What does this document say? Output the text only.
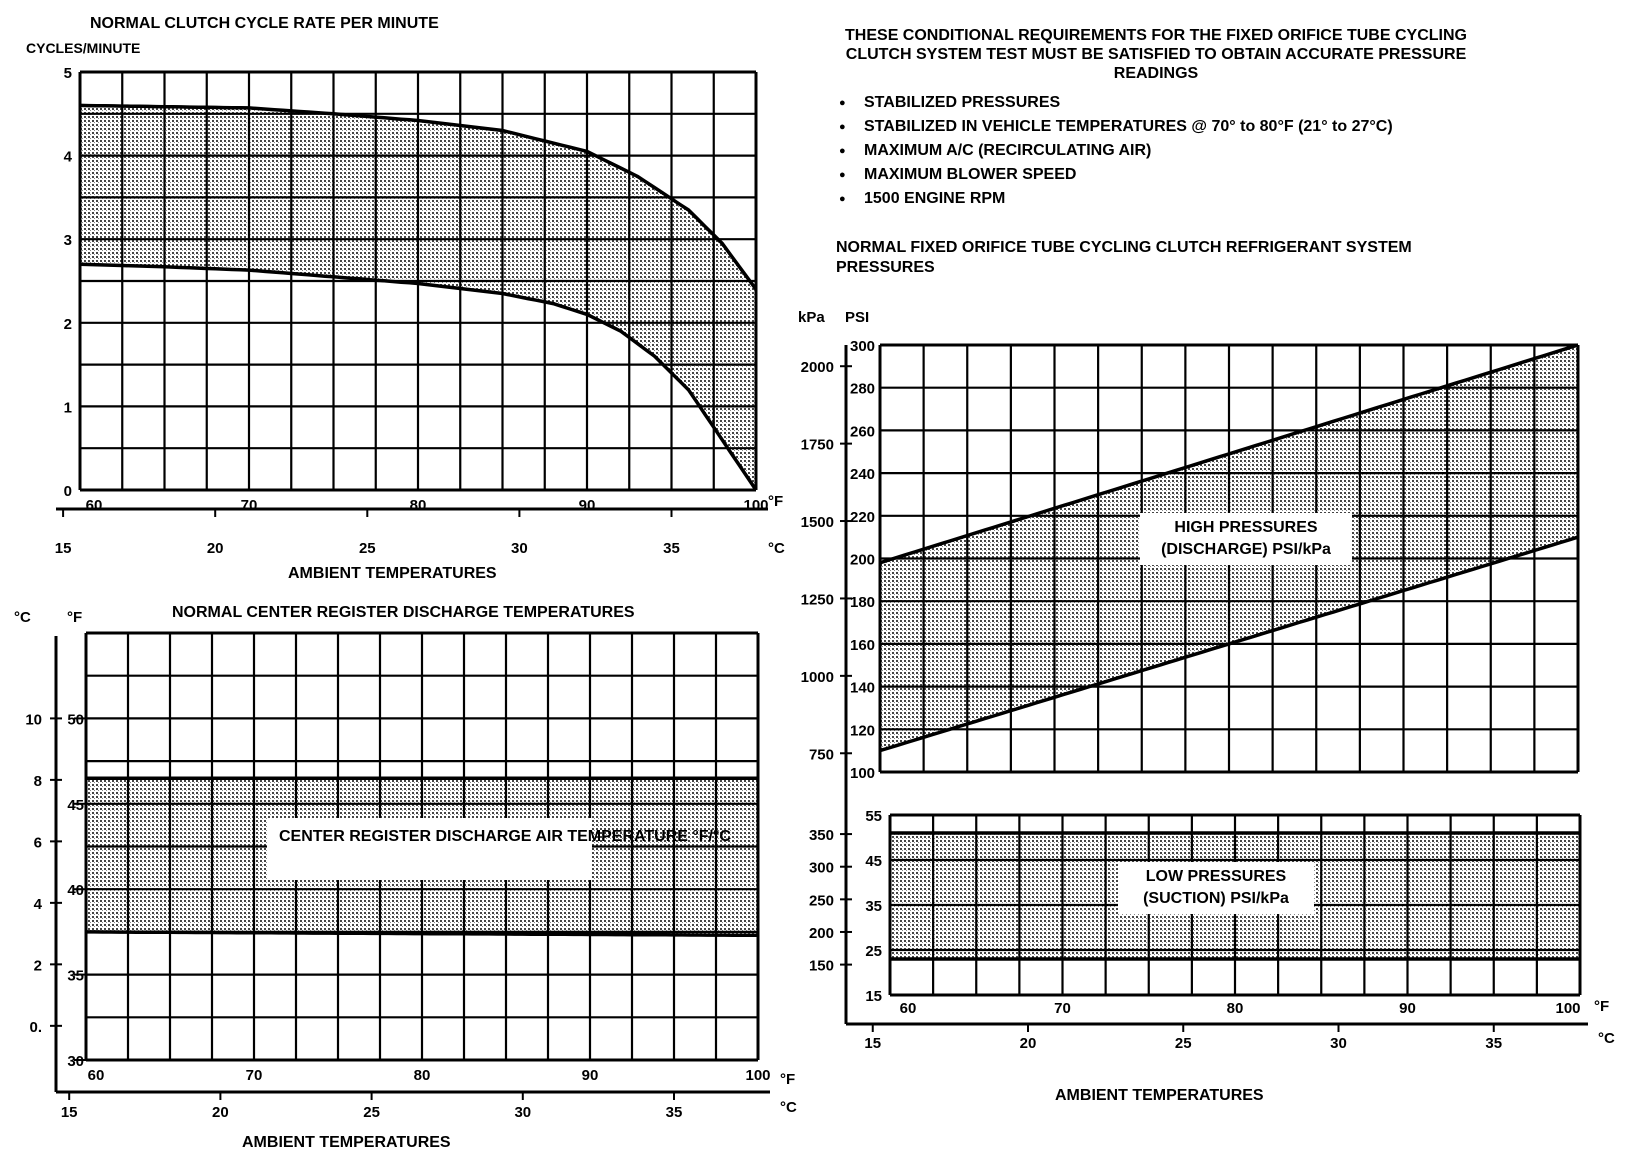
THESE CONDITIONAL REQUIREMENTS FOR THE FIXED ORIFICE TUBE CYCLING CLUTCH SYSTEM TEST MUST BE SATISFIED TO OBTAIN ACCURATE PRESSURE READINGS
● STABILIZED PRESSURES
● STABILIZED IN VEHICLE TEMPERATURES @ 70° to 80°F (21° to 27°C)
● MAXIMUM A/C (RECIRCULATING AIR)
● MAXIMUM BLOWER SPEED
● 1500 ENGINE RPM
NORMAL FIXED ORIFICE TUBE CYCLING CLUTCH REFRIGERANT SYSTEM PRESSURES
NORMAL CLUTCH CYCLE RATE PER MINUTE
CYCLES/MINUTE
0
1
2
3
4
5
60	70	80	90	100
15	20	25	30	35
°F
°C
AMBIENT TEMPERATURES
NORMAL CENTER REGISTER DISCHARGE TEMPERATURES
°C °F
30
35
40
45
50
0.
2
4
6
8
10
60	70	80	90	100
15	20	25	30	35
CENTER REGISTER DISCHARGE AIR TEMPERATURE °F/°C
°F
°C
AMBIENT TEMPERATURES
kPa PSI
100
120
140
160
180
200
220
240
260
280
300
750
1000
1250
1500
1750
2000
HIGH PRESSURES
(DISCHARGE) PSI/kPa
15
25
35
45
55
150
200
250
300
350
60	70	80	90	100
15	20	25	30	35
LOW PRESSURES
(SUCTION) PSI/kPa
°F
°C
AMBIENT TEMPERATURES
